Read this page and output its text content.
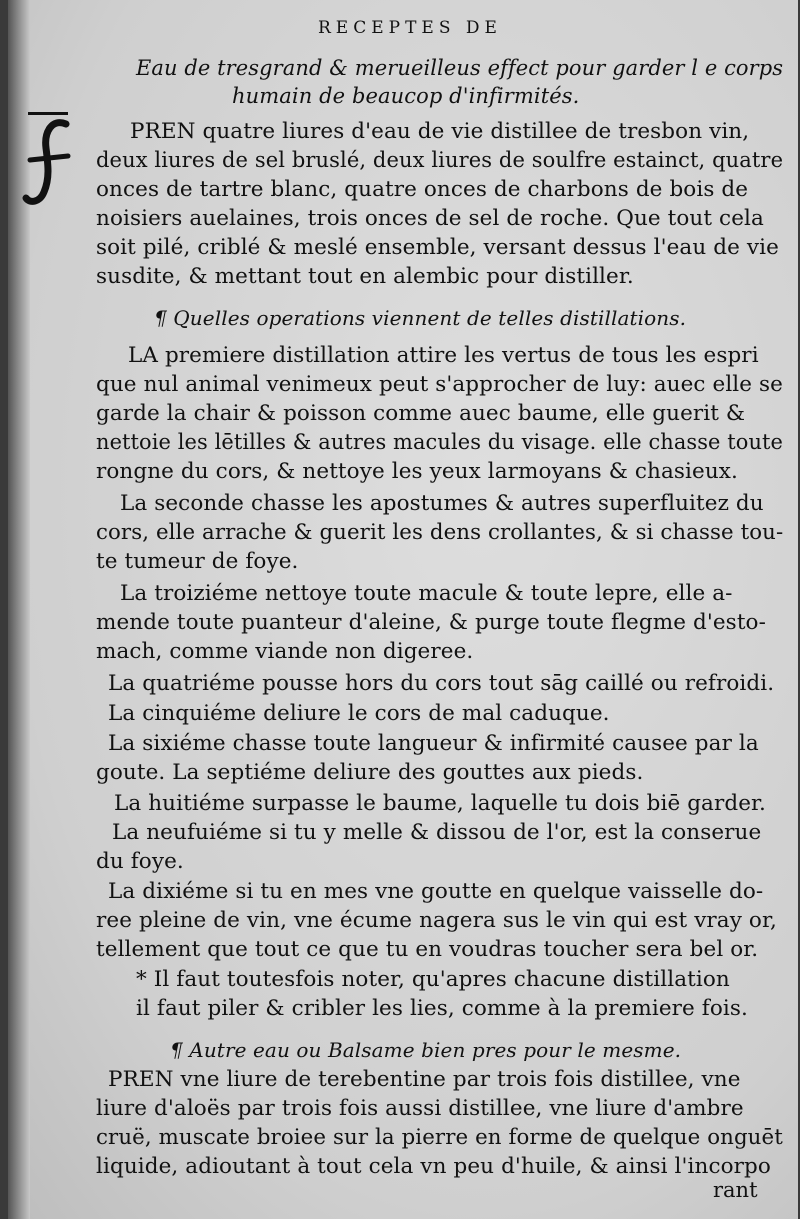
RECEPTES DE
Eau de tresgrand & merueilleus effect pour garder l e corps
humain de beaucop d'infirmités.
PREN quatre liures d'eau de vie distillee de tresbon vin,
deux liures de sel bruslé, deux liures de soulfre estainct, quatre
onces de tartre blanc, quatre onces de charbons de bois de
noisiers auelaines, trois onces de sel de roche. Que tout cela
soit pilé, criblé & meslé ensemble, versant dessus l'eau de vie
susdite, & mettant tout en alembic pour distiller.
¶ Quelles operations viennent de telles distillations.
LA premiere distillation attire les vertus de tous les espri
que nul animal venimeux peut s'approcher de luy: auec elle se
garde la chair & poisson comme auec baume, elle guerit &
nettoie les lētilles & autres macules du visage. elle chasse toute
rongne du cors, & nettoye les yeux larmoyans & chasieux.
La seconde chasse les apostumes & autres superfluitez du
cors, elle arrache & guerit les dens crollantes, & si chasse tou-
te tumeur de foye.
La troiziéme nettoye toute macule & toute lepre, elle a-
mende toute puanteur d'aleine, & purge toute flegme d'esto-
mach, comme viande non digeree.
La quatriéme pousse hors du cors tout sāg caillé ou refroidi.
La cinquiéme deliure le cors de mal caduque.
La sixiéme chasse toute langueur & infirmité causee par la
goute. La septiéme deliure des gouttes aux pieds.
La huitiéme surpasse le baume, laquelle tu dois biē garder.
La neufuiéme si tu y melle & dissou de l'or, est la conserue
du foye.
La dixiéme si tu en mes vne goutte en quelque vaisselle do-
ree pleine de vin, vne écume nagera sus le vin qui est vray or,
tellement que tout ce que tu en voudras toucher sera bel or.
* Il faut toutesfois noter, qu'apres chacune distillation
il faut piler & cribler les lies, comme à la premiere fois.
¶ Autre eau ou Balsame bien pres pour le mesme.
PREN vne liure de terebentine par trois fois distillee, vne
liure d'aloës par trois fois aussi distillee, vne liure d'ambre
cruë, muscate broiee sur la pierre en forme de quelque onguēt
liquide, adioutant à tout cela vn peu d'huile, & ainsi l'incorpo
rant
